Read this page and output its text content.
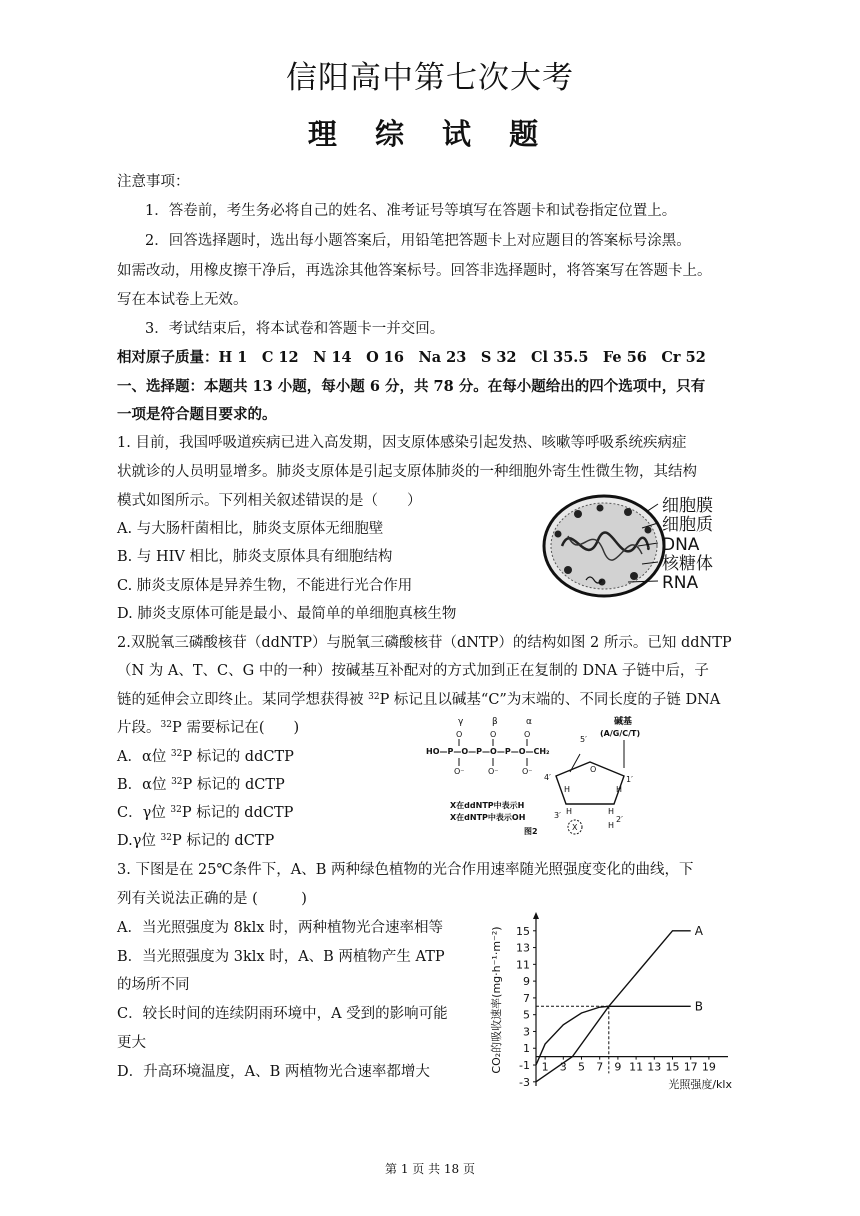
信阳高中第七次大考
理 综 试 题
注意事项：
1．答卷前，考生务必将自己的姓名、准考证号等填写在答题卡和试卷指定位置上。
2．回答选择题时，选出每小题答案后，用铅笔把答题卡上对应题目的答案标号涂黑。
如需改动，用橡皮擦干净后，再选涂其他答案标号。回答非选择题时，将答案写在答题卡上。
写在本试卷上无效。
3．考试结束后，将本试卷和答题卡一并交回。
相对原子质量：H 1　C 12　N 14　O 16　Na 23　S 32　Cl 35.5　Fe 56　Cr 52
一、选择题：本题共 13 小题，每小题 6 分，共 78 分。在每小题给出的四个选项中，只有
一项是符合题目要求的。
1. 目前，我国呼吸道疾病已进入高发期，因支原体感染引起发热、咳嗽等呼吸系统疾病症
状就诊的人员明显增多。肺炎支原体是引起支原体肺炎的一种细胞外寄生性微生物，其结构
模式如图所示。下列相关叙述错误的是（　　）
A. 与大肠杆菌相比，肺炎支原体无细胞壁
B. 与 HIV 相比，肺炎支原体具有细胞结构
C. 肺炎支原体是异养生物，不能进行光合作用
D. 肺炎支原体可能是最小、最简单的单细胞真核生物
细胞膜
细胞质
DNA
核糖体
RNA
2.双脱氧三磷酸核苷（ddNTP）与脱氧三磷酸核苷（dNTP）的结构如图 2 所示。已知 ddNTP
（N 为 A、T、C、G 中的一种）按碱基互补配对的方式加到正在复制的 DNA 子链中后，子
链的延伸会立即终止。某同学想获得被 $^{32}$P 标记且以碱基“C”为末端的、不同长度的子链 DNA
片段。$^{32}$P 需要标记在(　　)
A．α位 $^{32}$P 标记的 ddCTP
B．α位 $^{32}$P 标记的 dCTP
C．γ位 $^{32}$P 标记的 ddCTP
D.γ位 $^{32}$P 标记的 dCTP
γ	β	α
O	O	O
HO—P—O—P—O—P—O—CH₂
O⁻	O⁻	O⁻
5′
碱基
(A/G/C/T)
O
4′	1′
H	H
H	H
3′	2′
H
X
X在ddNTP中表示H
X在dNTP中表示OH
图2
3. 下图是在 25℃条件下，A、B 两种绿色植物的光合作用速率随光照强度变化的曲线，下
列有关说法正确的是 (　　　)
A．当光照强度为 8klx 时，两种植物光合速率相等
B．当光照强度为 3klx 时，A、B 两植物产生 ATP
的场所不同
C．较长时间的连续阴雨环境中，A 受到的影响可能
更大
D．升高环境温度，A、B 两植物光合速率都增大
-3
-1
1
3
5
7
9
11
13
15
1 3 5 7 9 11 13 15 17 19
光照强度/klx
CO₂的吸收速率(mg·h⁻¹·m⁻²)	A
B
第 1 页 共 18 页
